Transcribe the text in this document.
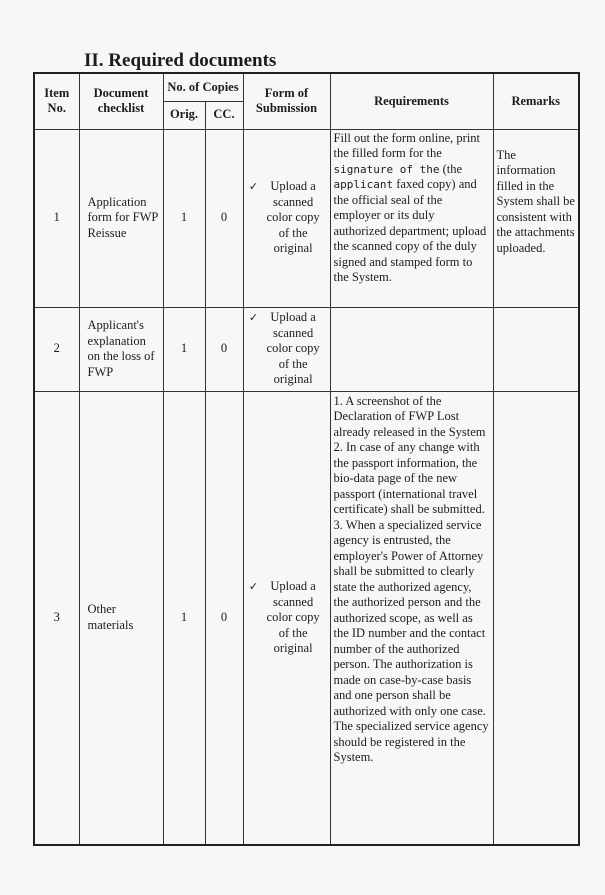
II. Required documents
Item No.	Document checklist	No. of Copies		Form of Submission	Requirements	Remarks
		Orig.	CC.			
1	Application form for FWP Reissue	1	0	✓ Upload a scanned color copy of the original	Fill out the form online, print the filled form for the signature of the (the applicant faxed copy) and the official seal of the employer or its duly authorized department; upload the scanned copy of the duly signed and stamped form to the System.	The information filled in the System shall be consistent with the attachments uploaded.
2	Applicant's explanation on the loss of FWP	1	0	✓ Upload a scanned color copy of the original		

3	Other materials	1	0	✓ Upload a scanned color copy of the original	1. A screenshot of the Declaration of FWP Lost already released in the System
2. In case of any change with the passport information, the bio-data page of the new passport (international travel certificate) shall be submitted.
3. When a specialized service agency is entrusted, the employer's Power of Attorney shall be submitted to clearly state the authorized agency, the authorized person and the authorized scope, as well as the ID number and the contact number of the authorized person. The authorization is made on case-by-case basis and one person shall be authorized with only one case. The specialized service agency should be registered in the System.	
